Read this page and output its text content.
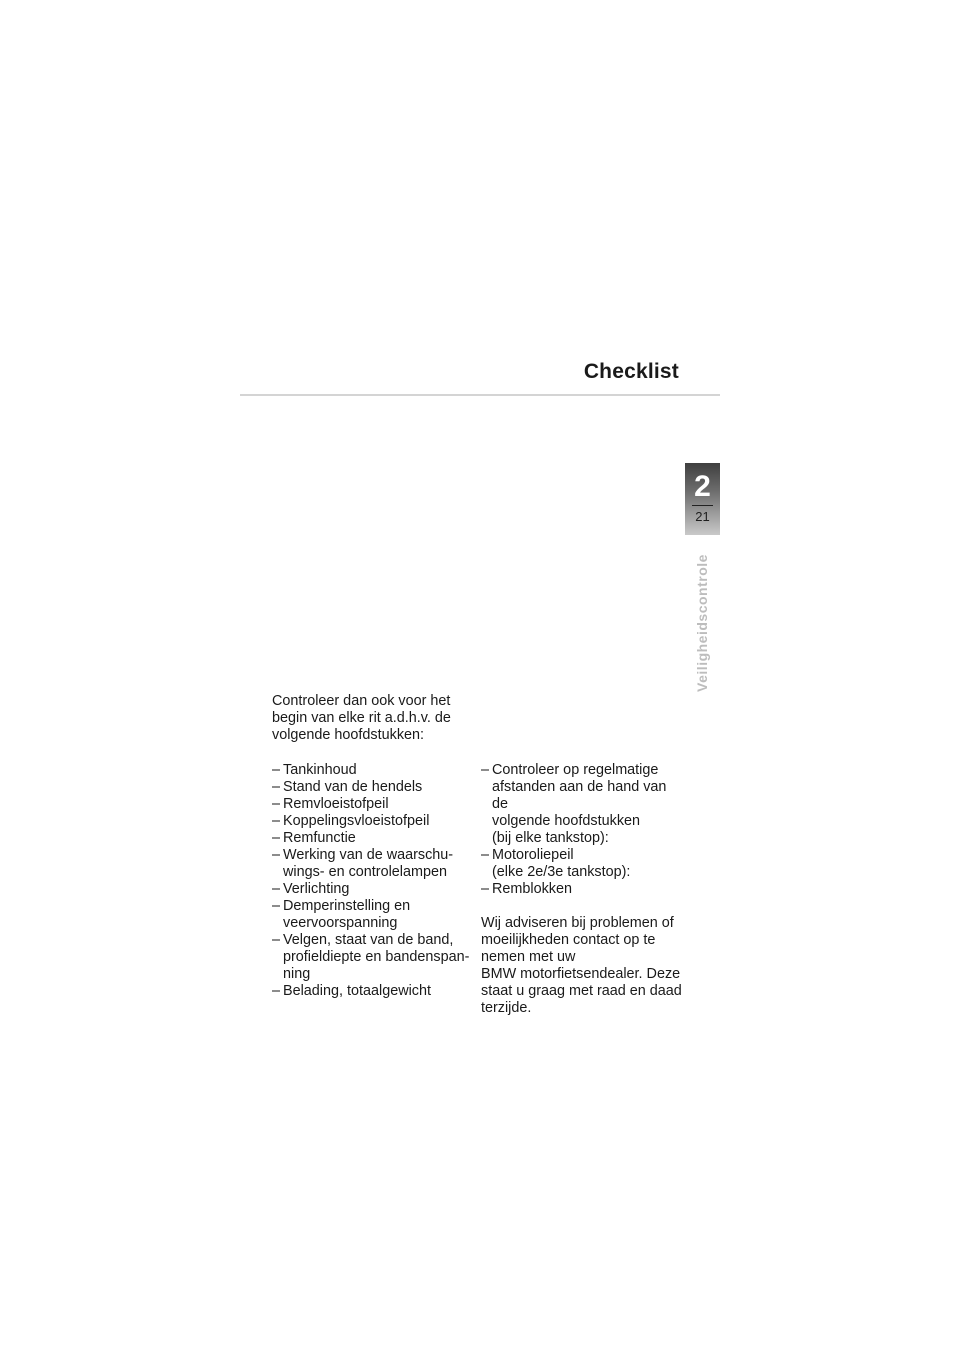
Checklist
2
21
Veiligheidscontrole

Controleer dan ook voor het

begin van elke rit a.d.h.v. de

volgende hoofdstukken:

– Tankinhoud
– Stand van de hendels
– Remvloeistofpeil
– Koppelingsvloeistofpeil
– Remfunctie
– Werking van de waarschu-
wings- en controlelampen
– Verlichting
– Demperinstelling en
veervoorspanning
– Velgen, staat van de band,
profieldiepte en bandenspan-
ning
– Belading, totaalgewicht
– Controleer op regelmatige
afstanden aan de hand van de
volgende hoofdstukken
(bij elke tankstop):
– Motoroliepeil
(elke 2e/3e tankstop):
– Remblokken

Wij adviseren bij problemen of

moeilijkheden contact op te

nemen met uw

BMW motorfietsendealer. Deze

staat u graag met raad en daad

terzijde.
